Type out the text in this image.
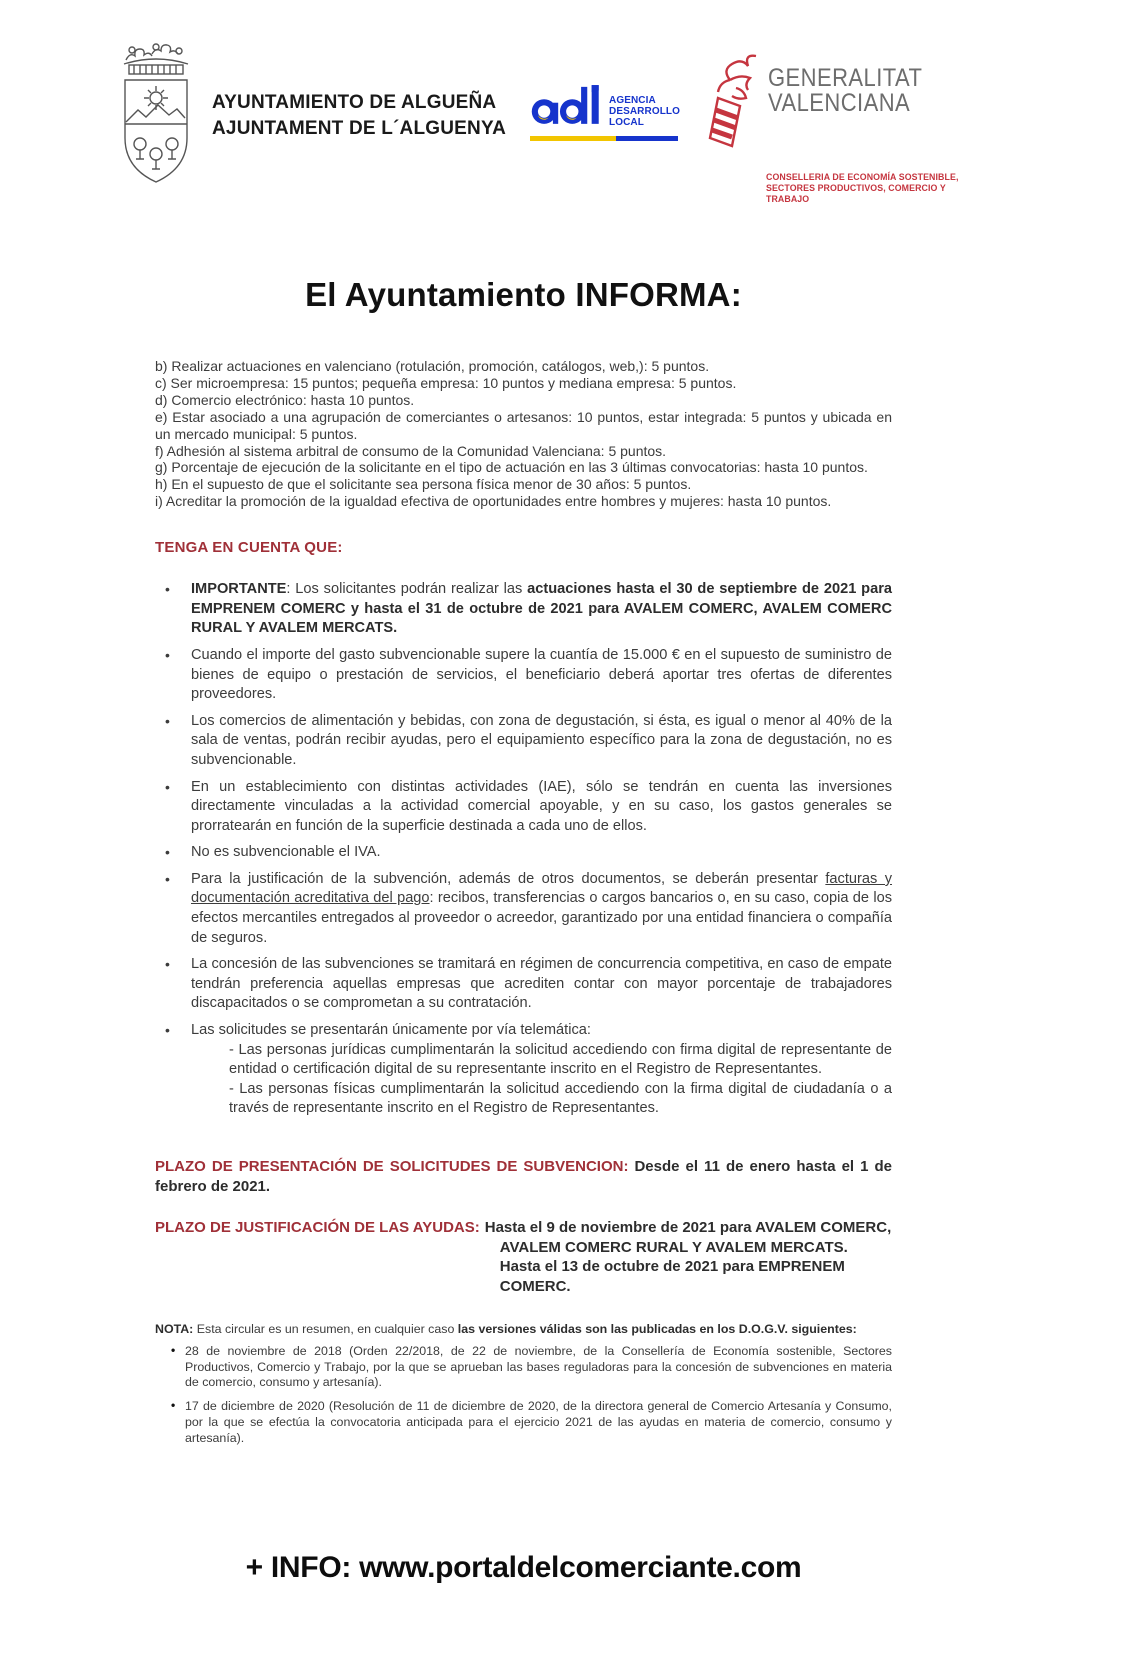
AYUNTAMIENTO DE ALGUEÑA
AJUNTAMENT DE L´ALGUENYA
AGENCIA
DESARROLLO
LOCAL
GENERALITAT
VALENCIANA
CONSELLERIA DE ECONOMÍA SOSTENIBLE,
SECTORES PRODUCTIVOS, COMERCIO Y TRABAJO
El Ayuntamiento INFORMA:
b) Realizar actuaciones en valenciano (rotulación, promoción, catálogos, web,): 5 puntos.
c) Ser microempresa: 15 puntos; pequeña empresa: 10 puntos y mediana empresa: 5 puntos.
d) Comercio electrónico: hasta 10 puntos.
e) Estar asociado a una agrupación de comerciantes o artesanos: 10 puntos, estar integrada: 5 puntos y ubicada en un mercado municipal: 5 puntos.
f) Adhesión al sistema arbitral de consumo de la Comunidad Valenciana: 5 puntos.
g) Porcentaje de ejecución de la solicitante en el tipo de actuación en las 3 últimas convocatorias: hasta 10 puntos.
h) En el supuesto de que el solicitante sea persona física menor de 30 años: 5 puntos.
i) Acreditar la promoción de la igualdad efectiva de oportunidades entre hombres y mujeres: hasta 10 puntos.
TENGA EN CUENTA QUE:
• IMPORTANTE: Los solicitantes podrán realizar las actuaciones hasta el 30 de septiembre de 2021 para EMPRENEM COMERC y hasta el 31 de octubre de 2021 para AVALEM COMERC, AVALEM COMERC RURAL Y AVALEM MERCATS.
• Cuando el importe del gasto subvencionable supere la cuantía de 15.000 € en el supuesto de suministro de bienes de equipo o prestación de servicios, el beneficiario deberá aportar tres ofertas de diferentes proveedores.
• Los comercios de alimentación y bebidas, con zona de degustación, si ésta, es igual o menor al 40% de la sala de ventas, podrán recibir ayudas, pero el equipamiento específico para la zona de degustación, no es subvencionable.
• En un establecimiento con distintas actividades (IAE), sólo se tendrán en cuenta las inversiones directamente vinculadas a la actividad comercial apoyable, y en su caso, los gastos generales se prorratearán en función de la superficie destinada a cada uno de ellos.
• No es subvencionable el IVA.
• Para la justificación de la subvención, además de otros documentos, se deberán presentar facturas y documentación acreditativa del pago: recibos, transferencias o cargos bancarios o, en su caso, copia de los efectos mercantiles entregados al proveedor o acreedor, garantizado por una entidad financiera o compañía de seguros.
• La concesión de las subvenciones se tramitará en régimen de concurrencia competitiva, en caso de empate tendrán preferencia aquellas empresas que acrediten contar con mayor porcentaje de trabajadores discapacitados o se comprometan a su contratación.
• Las solicitudes se presentarán únicamente por vía telemática:
- Las personas jurídicas cumplimentarán la solicitud accediendo con firma digital de representante de entidad o certificación digital de su representante inscrito en el Registro de Representantes.
- Las personas físicas cumplimentarán la solicitud accediendo con la firma digital de ciudadanía o a través de representante inscrito en el Registro de Representantes.

PLAZO DE PRESENTACIÓN DE SOLICITUDES DE SUBVENCION: Desde el 11 de enero hasta el 1 de febrero de 2021.

PLAZO DE JUSTIFICACIÓN DE LAS AYUDAS: Hasta el 9 de noviembre de 2021 para AVALEM COMERC,
AVALEM COMERC RURAL Y AVALEM MERCATS.
Hasta el 13 de octubre de 2021 para EMPRENEM COMERC.

NOTA: Esta circular es un resumen, en cualquier caso las versiones válidas son las publicadas en los D.O.G.V. siguientes:

• 28 de noviembre de 2018 (Orden 22/2018, de 22 de noviembre, de la Consellería de Economía sostenible, Sectores Productivos, Comercio y Trabajo, por la que se aprueban las bases reguladoras para la concesión de subvenciones en materia de comercio, consumo y artesanía).
• 17 de diciembre de 2020 (Resolución de 11 de diciembre de 2020, de la directora general de Comercio Artesanía y Consumo, por la que se efectúa la convocatoria anticipada para el ejercicio 2021 de las ayudas en materia de comercio, consumo y artesanía).
+ INFO: www.portaldelcomerciante.com
